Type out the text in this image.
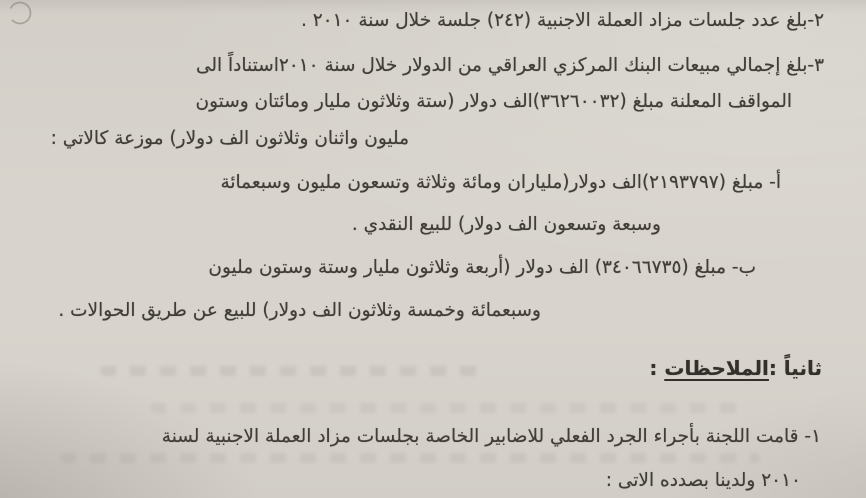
٢-بلغ عدد جلسات مزاد العملة الاجنبية (٢٤٢) جلسة خلال سنة ٢٠١٠ .
٣-بلغ إجمالي مبيعات البنك المركزي العراقي من الدولار خلال سنة ٢٠١٠استناداً الى
المواقف المعلنة مبلغ (٣٦٢٦٠٠٣٢)الف دولار (ستة وثلاثون مليار ومائتان وستون
مليون واثنان وثلاثون الف دولار) موزعة كالاتي :
أ- مبلغ (٢١٩٣٧٩٧)الف دولار(ملياران ومائة وثلاثة وتسعون مليون وسبعمائة
وسبعة وتسعون الف دولار) للبيع النقدي .
ب- مبلغ (٣٤٠٦٦٧٣٥) الف دولار (أربعة وثلاثون مليار وستة وستون مليون
وسبعمائة وخمسة وثلاثون الف دولار) للبيع عن طريق الحوالات .
ثانياً :الملاحظات :
١- قامت اللجنة بأجراء الجرد الفعلي للاضابير الخاصة بجلسات مزاد العملة الاجنبية لسنة
٢٠١٠ ولدينا بصدده الاتى :
